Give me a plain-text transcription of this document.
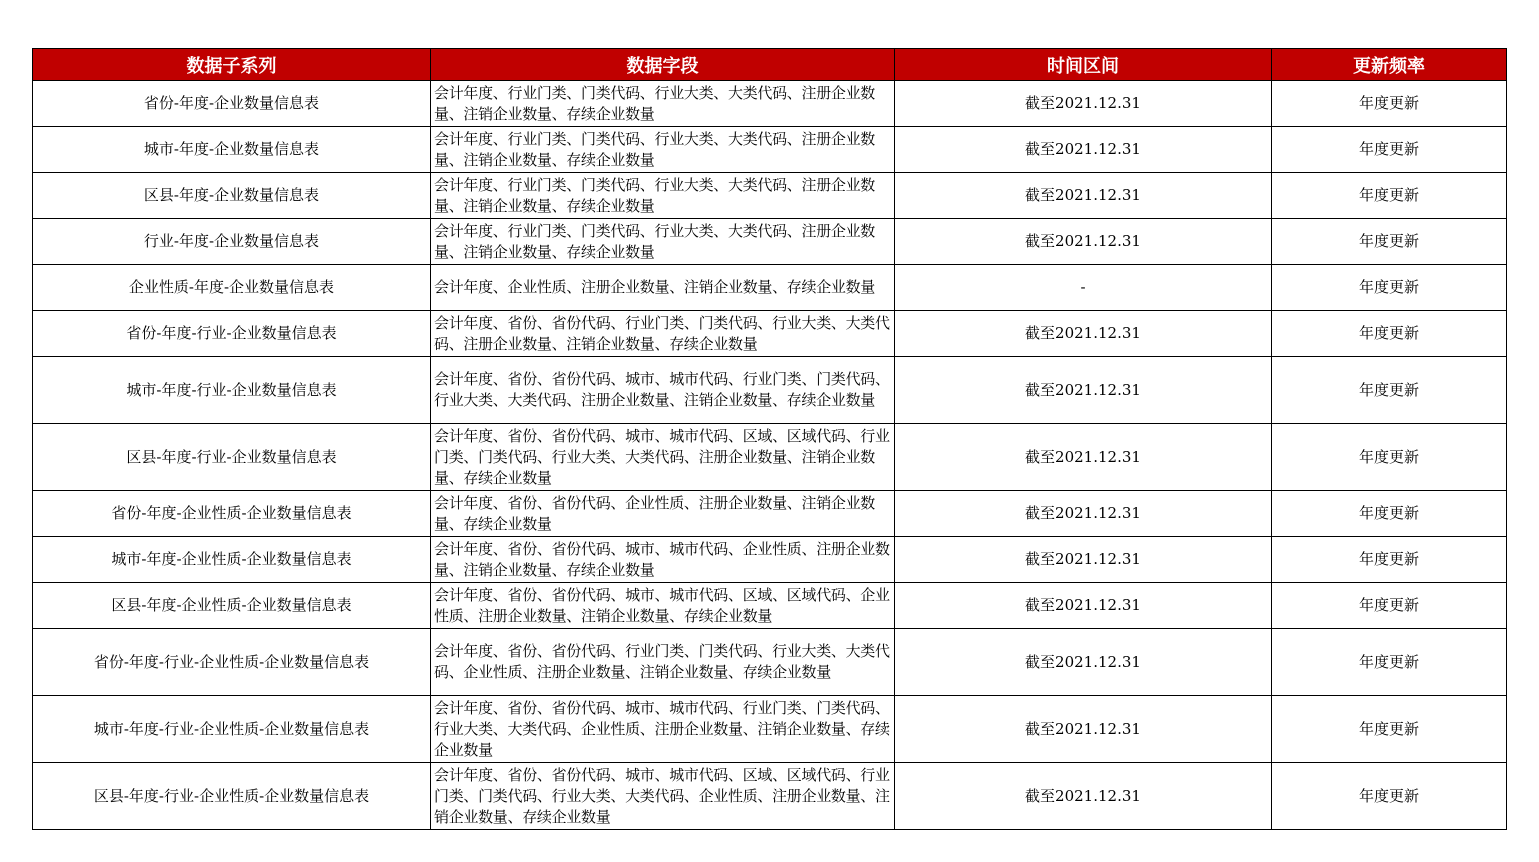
数据子系列	数据字段	时间区间	更新频率
省份-年度-企业数量信息表	会计年度、行业门类、门类代码、行业大类、大类代码、注册企业数量、注销企业数量、存续企业数量	截至2021.12.31	年度更新
城市-年度-企业数量信息表	会计年度、行业门类、门类代码、行业大类、大类代码、注册企业数量、注销企业数量、存续企业数量	截至2021.12.31	年度更新
区县-年度-企业数量信息表	会计年度、行业门类、门类代码、行业大类、大类代码、注册企业数量、注销企业数量、存续企业数量	截至2021.12.31	年度更新
行业-年度-企业数量信息表	会计年度、行业门类、门类代码、行业大类、大类代码、注册企业数量、注销企业数量、存续企业数量	截至2021.12.31	年度更新
企业性质-年度-企业数量信息表	会计年度、企业性质、注册企业数量、注销企业数量、存续企业数量	-	年度更新
省份-年度-行业-企业数量信息表	会计年度、省份、省份代码、行业门类、门类代码、行业大类、大类代码、注册企业数量、注销企业数量、存续企业数量	截至2021.12.31	年度更新
城市-年度-行业-企业数量信息表	会计年度、省份、省份代码、城市、城市代码、行业门类、门类代码、行业大类、大类代码、注册企业数量、注销企业数量、存续企业数量	截至2021.12.31	年度更新
区县-年度-行业-企业数量信息表	会计年度、省份、省份代码、城市、城市代码、区域、区域代码、行业门类、门类代码、行业大类、大类代码、注册企业数量、注销企业数量、存续企业数量	截至2021.12.31	年度更新
省份-年度-企业性质-企业数量信息表	会计年度、省份、省份代码、企业性质、注册企业数量、注销企业数量、存续企业数量	截至2021.12.31	年度更新
城市-年度-企业性质-企业数量信息表	会计年度、省份、省份代码、城市、城市代码、企业性质、注册企业数量、注销企业数量、存续企业数量	截至2021.12.31	年度更新
区县-年度-企业性质-企业数量信息表	会计年度、省份、省份代码、城市、城市代码、区域、区域代码、企业性质、注册企业数量、注销企业数量、存续企业数量	截至2021.12.31	年度更新
省份-年度-行业-企业性质-企业数量信息表	会计年度、省份、省份代码、行业门类、门类代码、行业大类、大类代码、企业性质、注册企业数量、注销企业数量、存续企业数量	截至2021.12.31	年度更新
城市-年度-行业-企业性质-企业数量信息表	会计年度、省份、省份代码、城市、城市代码、行业门类、门类代码、行业大类、大类代码、企业性质、注册企业数量、注销企业数量、存续企业数量	截至2021.12.31	年度更新
区县-年度-行业-企业性质-企业数量信息表	会计年度、省份、省份代码、城市、城市代码、区域、区域代码、行业门类、门类代码、行业大类、大类代码、企业性质、注册企业数量、注销企业数量、存续企业数量	截至2021.12.31	年度更新
